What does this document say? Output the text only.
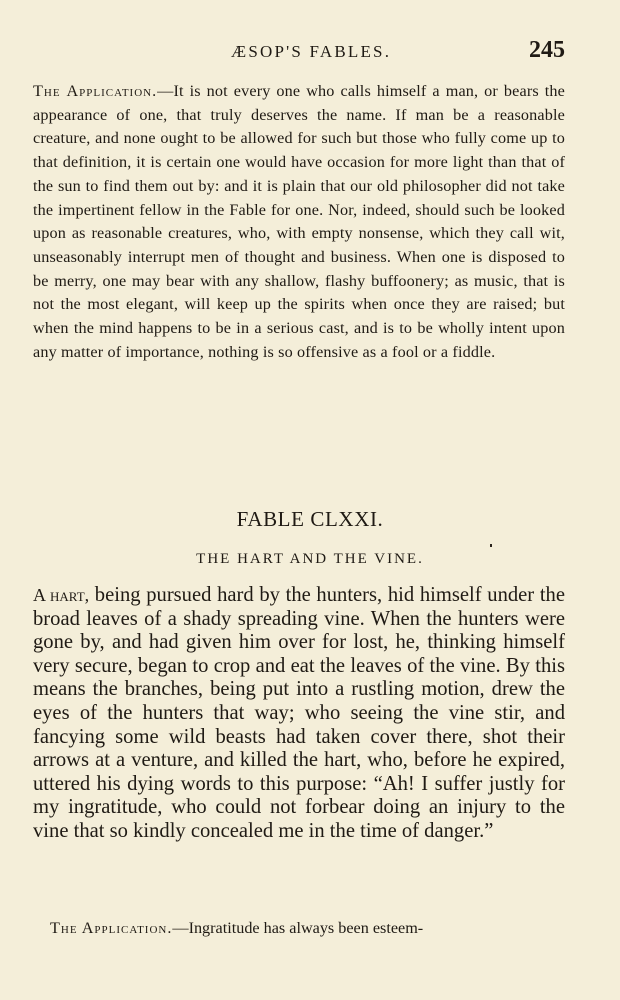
ÆSOP'S FABLES.	245

The Application.—It is not every one who calls himself a man, or bears the appearance of one, that truly deserves the name. If man be a reasonable creature, and none ought to be allowed for such but those who fully come up to that definition, it is certain one would have occasion for more light than that of the sun to find them out by: and it is plain that our old philosopher did not take the impertinent fellow in the Fable for one. Nor, indeed, should such be looked upon as reasonable creatures, who, with empty nonsense, which they call wit, unseasonably interrupt men of thought and business. When one is disposed to be merry, one may bear with any shallow, flashy buffoonery; as music, that is not the most elegant, will keep up the spirits when once they are raised; but when the mind happens to be in a serious cast, and is to be wholly intent upon any matter of importance, nothing is so offensive as a fool or a fiddle.

FABLE CLXXI.
THE HART AND THE VINE.

A hart, being pursued hard by the hunters, hid himself under the broad leaves of a shady spreading vine. When the hunters were gone by, and had given him over for lost, he, thinking himself very secure, began to crop and eat the leaves of the vine. By this means the branches, being put into a rustling motion, drew the eyes of the hunters that way; who seeing the vine stir, and fancying some wild beasts had taken cover there, shot their arrows at a venture, and killed the hart, who, before he expired, uttered his dying words to this purpose: “Ah! I suffer justly for my ingratitude, who could not forbear doing an injury to the vine that so kindly concealed me in the time of danger.”

The Application.—Ingratitude has always been esteem-
